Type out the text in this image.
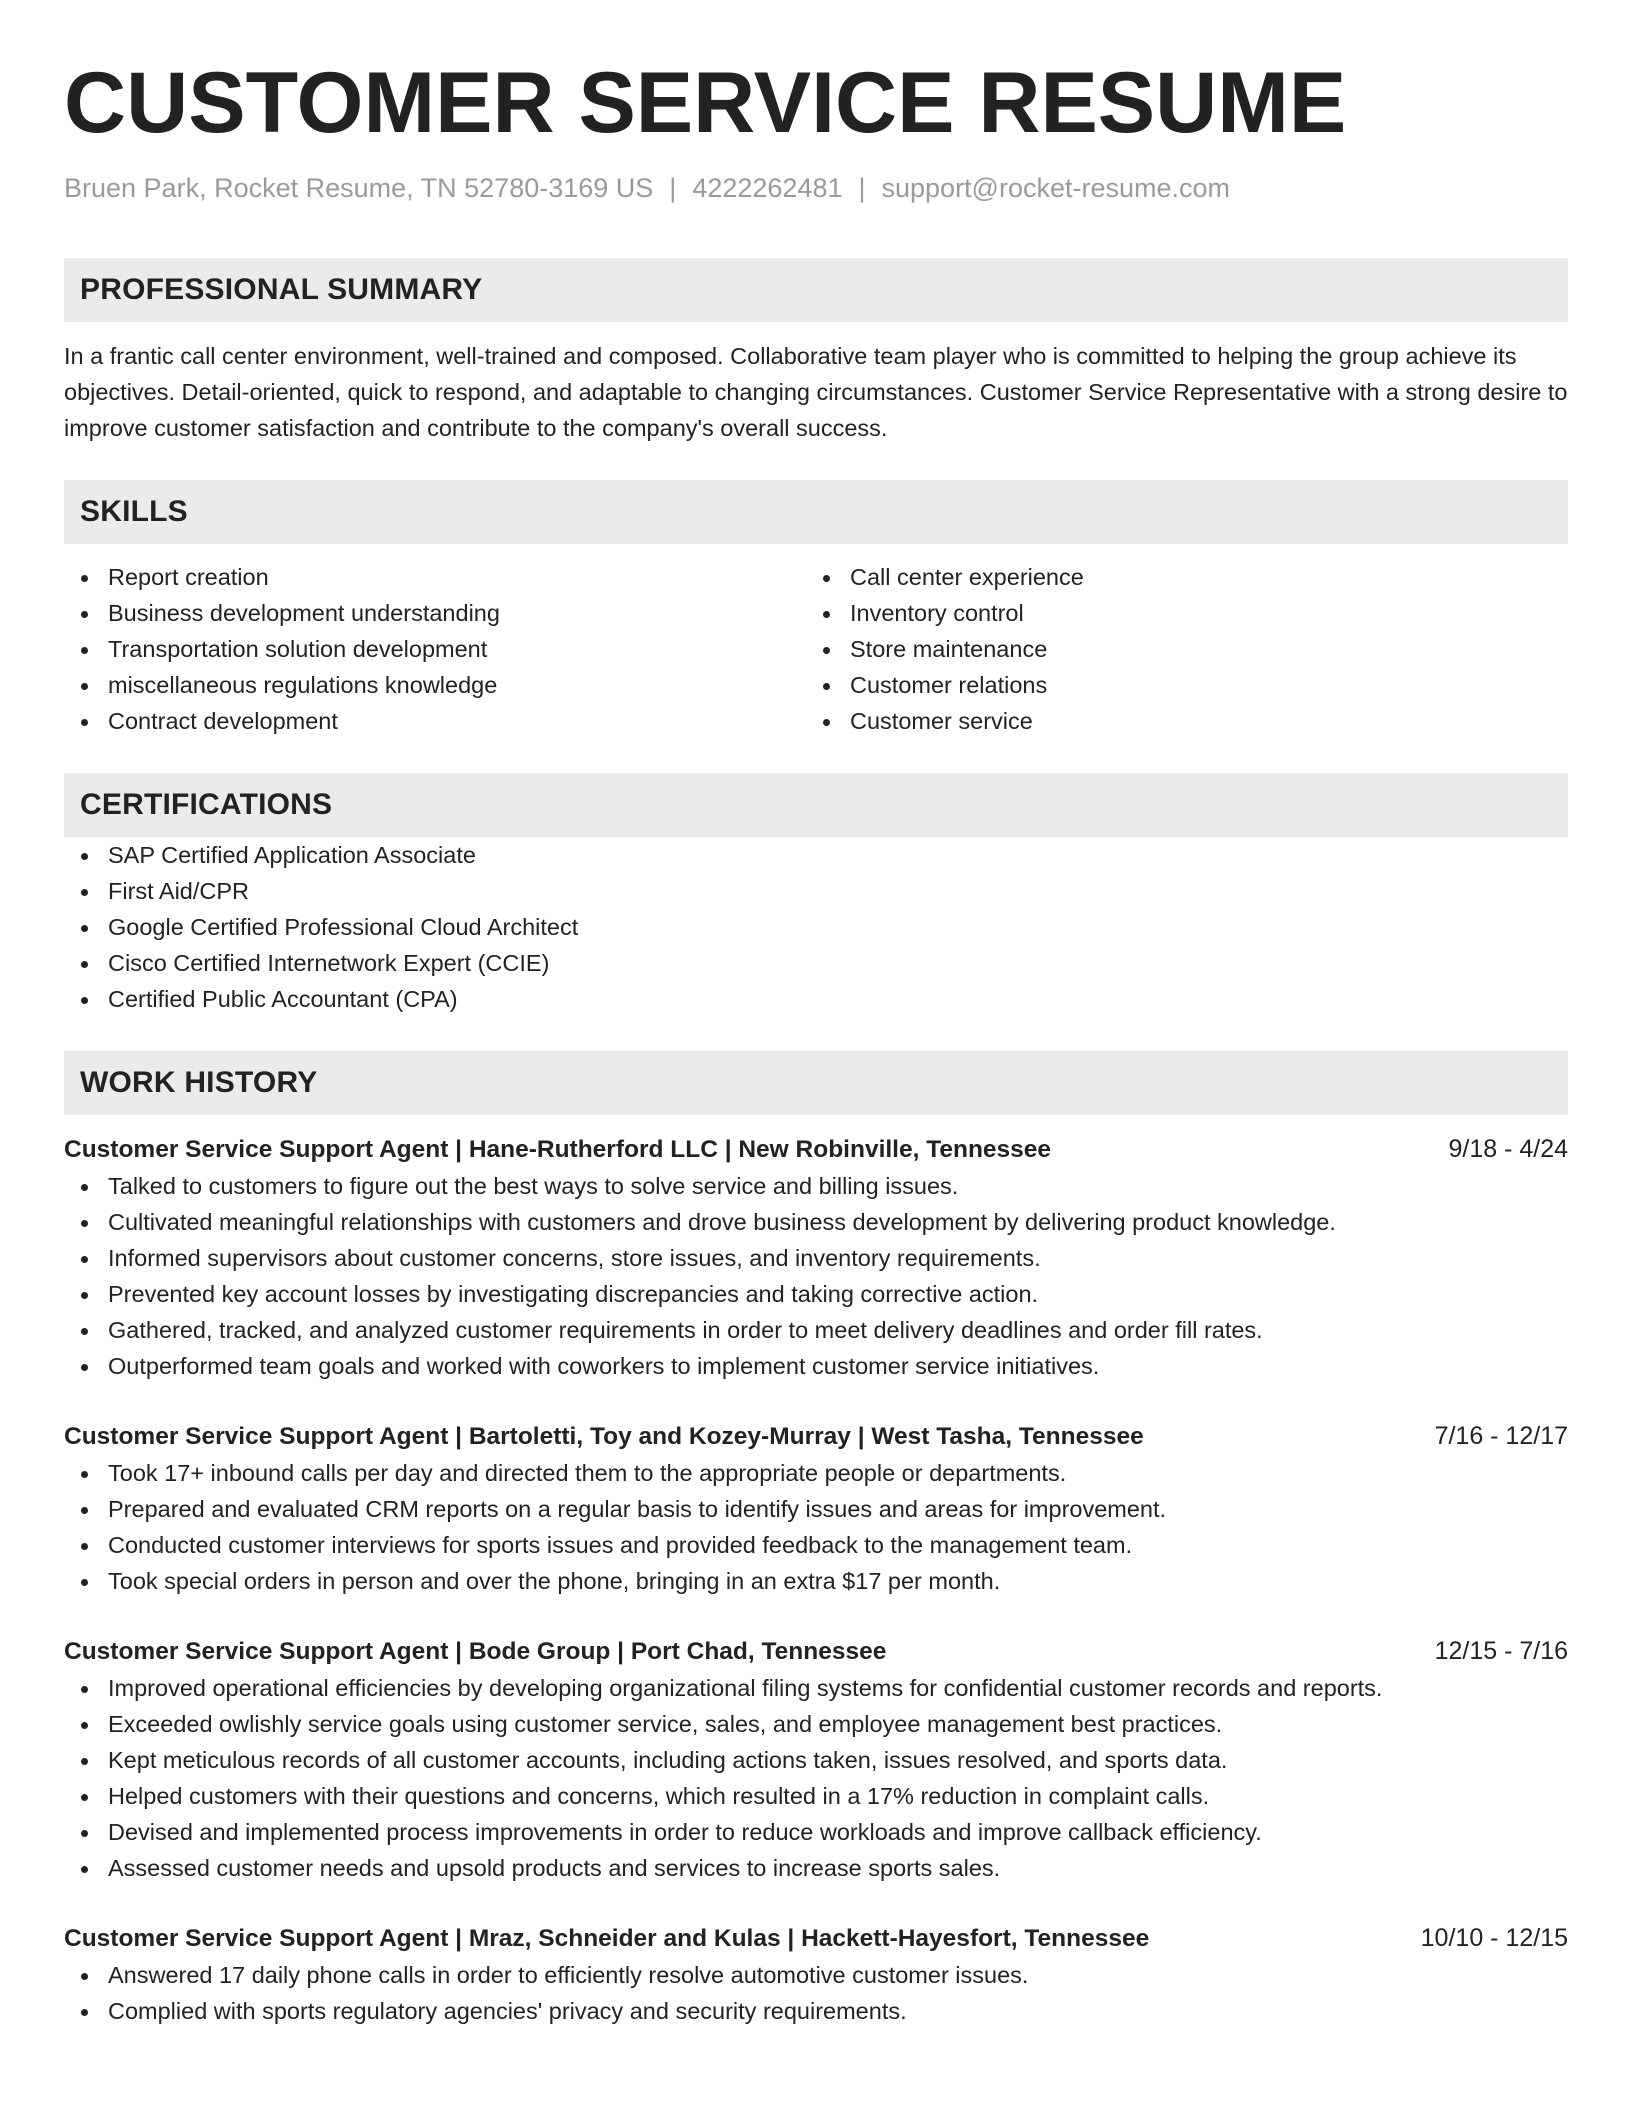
CUSTOMER SERVICE RESUME
Bruen Park, Rocket Resume, TN 52780-3169 US | 4222262481 | support@rocket-resume.com
PROFESSIONAL SUMMARY

In a frantic call center environment, well-trained and composed. Collaborative team player who is committed to helping the group achieve its objectives. Detail-oriented, quick to respond, and adaptable to changing circumstances. Customer Service Representative with a strong desire to improve customer satisfaction and contribute to the company's overall success.

SKILLS
Report creation
Business development understanding
Transportation solution development
miscellaneous regulations knowledge
Contract development
Call center experience
Inventory control
Store maintenance
Customer relations
Customer service
CERTIFICATIONS
SAP Certified Application Associate
First Aid/CPR
Google Certified Professional Cloud Architect
Cisco Certified Internetwork Expert (CCIE)
Certified Public Accountant (CPA)
WORK HISTORY
Customer Service Support Agent | Hane-Rutherford LLC | New Robinville, Tennessee	9/18 - 4/24
Talked to customers to figure out the best ways to solve service and billing issues.
Cultivated meaningful relationships with customers and drove business development by delivering product knowledge.
Informed supervisors about customer concerns, store issues, and inventory requirements.
Prevented key account losses by investigating discrepancies and taking corrective action.
Gathered, tracked, and analyzed customer requirements in order to meet delivery deadlines and order fill rates.
Outperformed team goals and worked with coworkers to implement customer service initiatives.
Customer Service Support Agent | Bartoletti, Toy and Kozey-Murray | West Tasha, Tennessee	7/16 - 12/17
Took 17+ inbound calls per day and directed them to the appropriate people or departments.
Prepared and evaluated CRM reports on a regular basis to identify issues and areas for improvement.
Conducted customer interviews for sports issues and provided feedback to the management team.
Took special orders in person and over the phone, bringing in an extra $17 per month.
Customer Service Support Agent | Bode Group | Port Chad, Tennessee	12/15 - 7/16
Improved operational efficiencies by developing organizational filing systems for confidential customer records and reports.
Exceeded owlishly service goals using customer service, sales, and employee management best practices.
Kept meticulous records of all customer accounts, including actions taken, issues resolved, and sports data.
Helped customers with their questions and concerns, which resulted in a 17% reduction in complaint calls.
Devised and implemented process improvements in order to reduce workloads and improve callback efficiency.
Assessed customer needs and upsold products and services to increase sports sales.
Customer Service Support Agent | Mraz, Schneider and Kulas | Hackett-Hayesfort, Tennessee	10/10 - 12/15
Answered 17 daily phone calls in order to efficiently resolve automotive customer issues.
Complied with sports regulatory agencies' privacy and security requirements.
